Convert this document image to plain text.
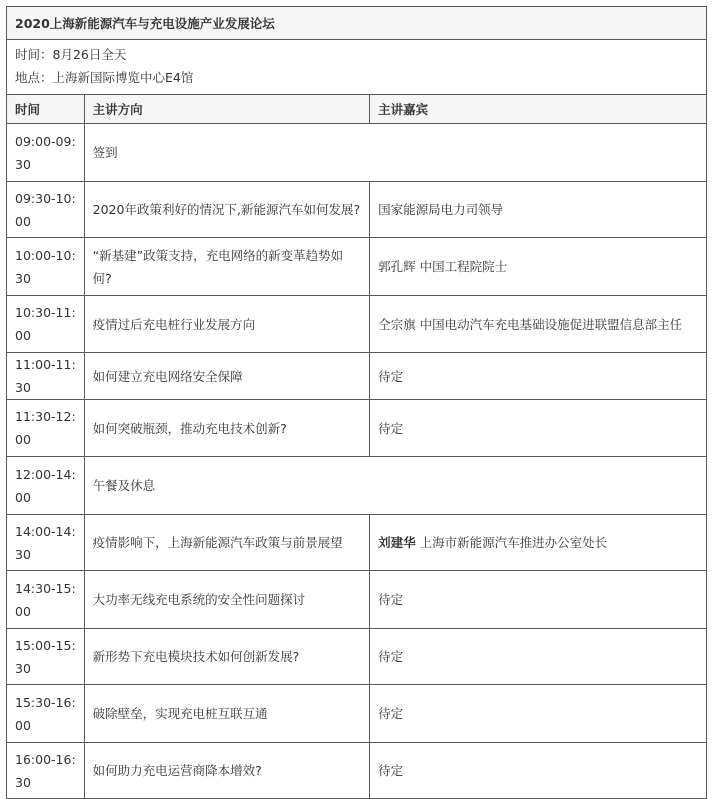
2020上海新能源汽车与充电设施产业发展论坛		

时间：8月26日全天
地点：上海新国际博览中心E4馆		

时间	主讲方向	主讲嘉宾
09:00-09:30	签到	
09:30-10:00	2020年政策利好的情况下,新能源汽车如何发展?	国家能源局电力司领导
10:00-10:30	“新基建”政策支持，充电网络的新变革趋势如何?	郭孔辉 中国工程院院士
10:30-11:00	疫情过后充电桩行业发展方向	仝宗旗 中国电动汽车充电基础设施促进联盟信息部主任
11:00-11:30	如何建立充电网络安全保障	待定
11:30-12:00	如何突破瓶颈，推动充电技术创新?	待定
12:00-14:00	午餐及休息	
14:00-14:30	疫情影响下，上海新能源汽车政策与前景展望	刘建华 上海市新能源汽车推进办公室处长
14:30-15:00	大功率无线充电系统的安全性问题探讨	待定
15:00-15:30	新形势下充电模块技术如何创新发展?	待定
15:30-16:00	破除壁垒，实现充电桩互联互通	待定
16:00-16:30	如何助力充电运营商降本增效?	待定
